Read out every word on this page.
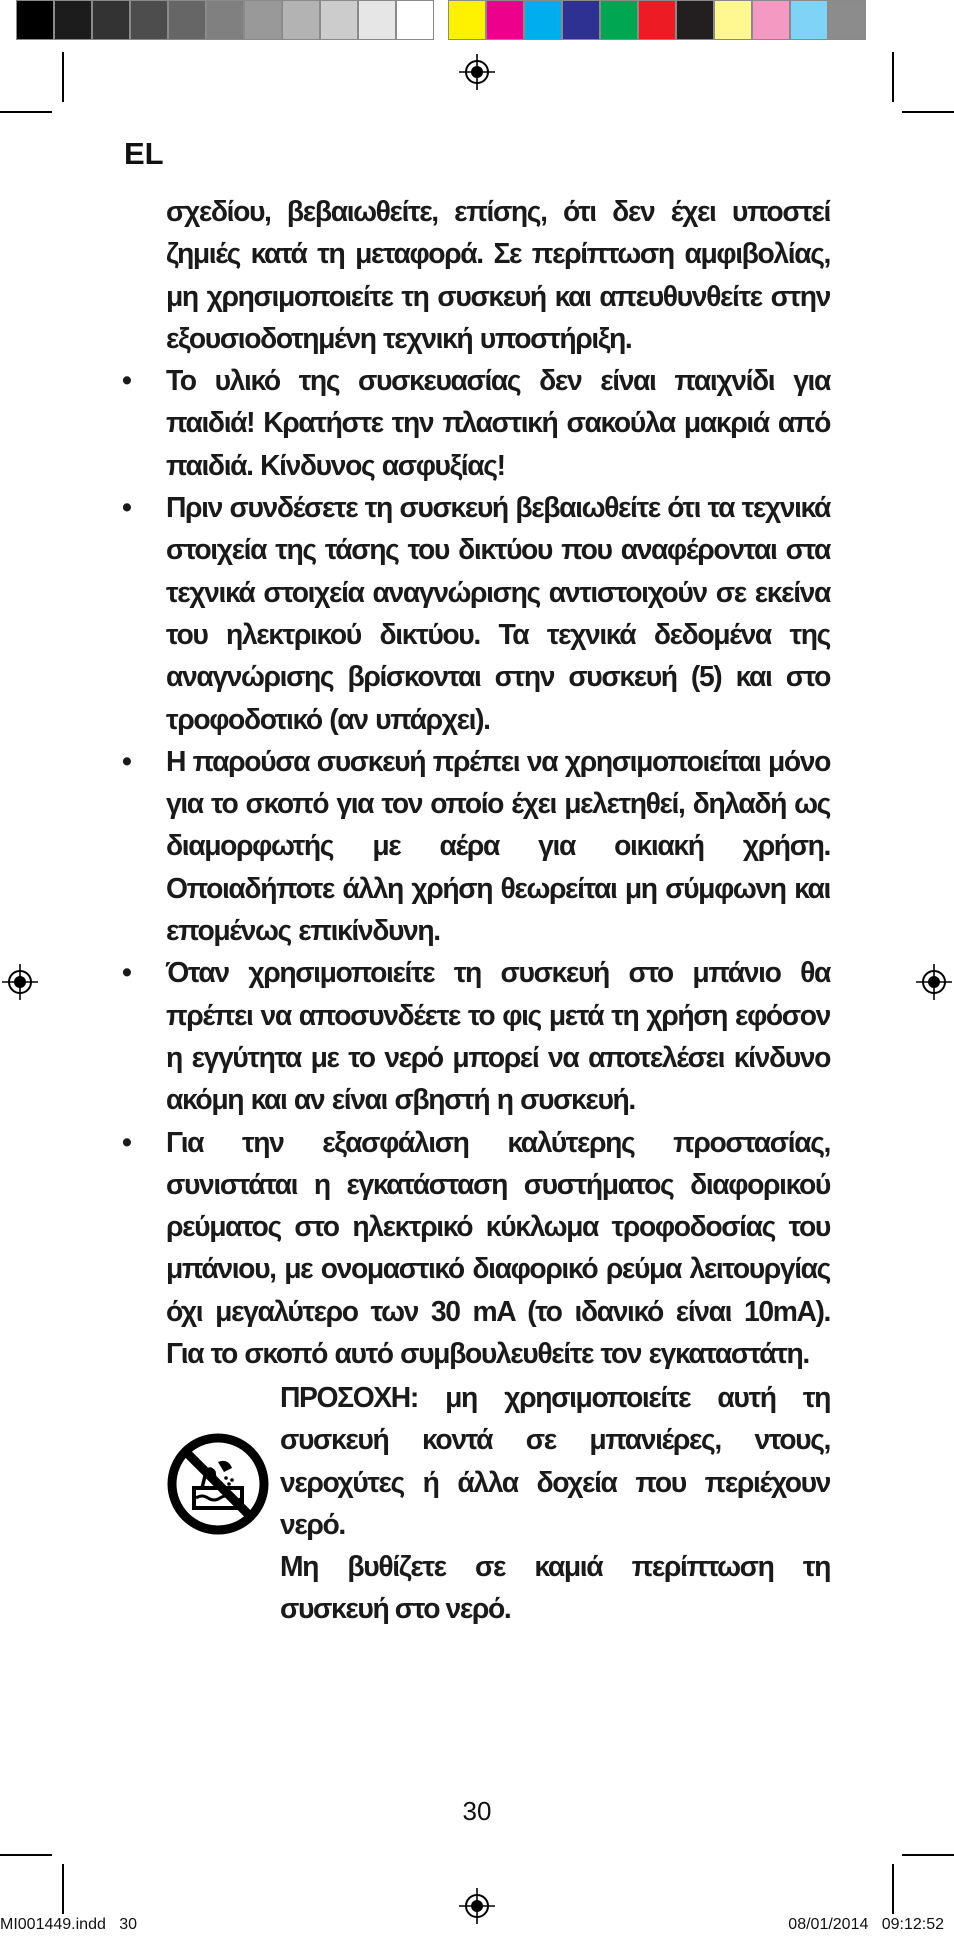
EL

σχεδίου, βεβαιωθείτε, επίσης, ότι δεν έχει υποστεί ζημιές κατά τη μεταφορά. Σε περίπτωση αμφιβολίας, μη χρησιμοποιείτε τη συσκευή και απευθυνθείτε στην εξουσιοδοτημένη τεχνική υποστήριξη.

• Το υλικό της συσκευασίας δεν είναι παιχνίδι για παιδιά! Κρατήστε την πλαστική σακούλα μακριά από παιδιά. Κίνδυνος ασφυξίας!
• Πριν συνδέσετε τη συσκευή βεβαιωθείτε ότι τα τεχνικά στοιχεία της τάσης του δικτύου που αναφέρονται στα τεχνικά στοιχεία αναγνώρισης αντιστοιχούν σε εκείνα του ηλεκτρικού δικτύου. Τα τεχνικά δεδομένα της αναγνώρισης βρίσκονται στην συσκευή (5) και στο τροφοδοτικό (αν υπάρχει).
• Η παρούσα συσκευή πρέπει να χρησιμοποιείται μόνο για το σκοπό για τον οποίο έχει μελετηθεί, δηλαδή ως διαμορφωτής με αέρα για οικιακή χρήση. Οποιαδήποτε άλλη χρήση θεωρείται μη σύμφωνη και επομένως επικίνδυνη.
• Όταν χρησιμοποιείτε τη συσκευή στο μπάνιο θα πρέπει να αποσυνδέετε το φις μετά τη χρήση εφόσον η εγγύτητα με το νερό μπορεί να αποτελέσει κίνδυνο ακόμη και αν είναι σβηστή η συσκευή.
• Για την εξασφάλιση καλύτερης προστασίας, συνιστάται η εγκατάσταση συστήματος διαφορικού ρεύματος στο ηλεκτρικό κύκλωμα τροφοδοσίας του μπάνιου, με ονομαστικό διαφορικό ρεύμα λειτουργίας όχι μεγαλύτερο των 30 mA (το ιδανικό είναι 10mA). Για το σκοπό αυτό συμβουλευθείτε τον εγκαταστάτη.

ΠΡΟΣΟΧΗ: μη χρησιμοποιείτε αυτή τη συσκευή κοντά σε μπανιέρες, ντους, νεροχύτες ή άλλα δοχεία που περιέχουν νερό.

Μη βυθίζετε σε καμιά περίπτωση τη συσκευή στο νερό.

30
MI001449.indd   30	08/01/2014   09:12:52
